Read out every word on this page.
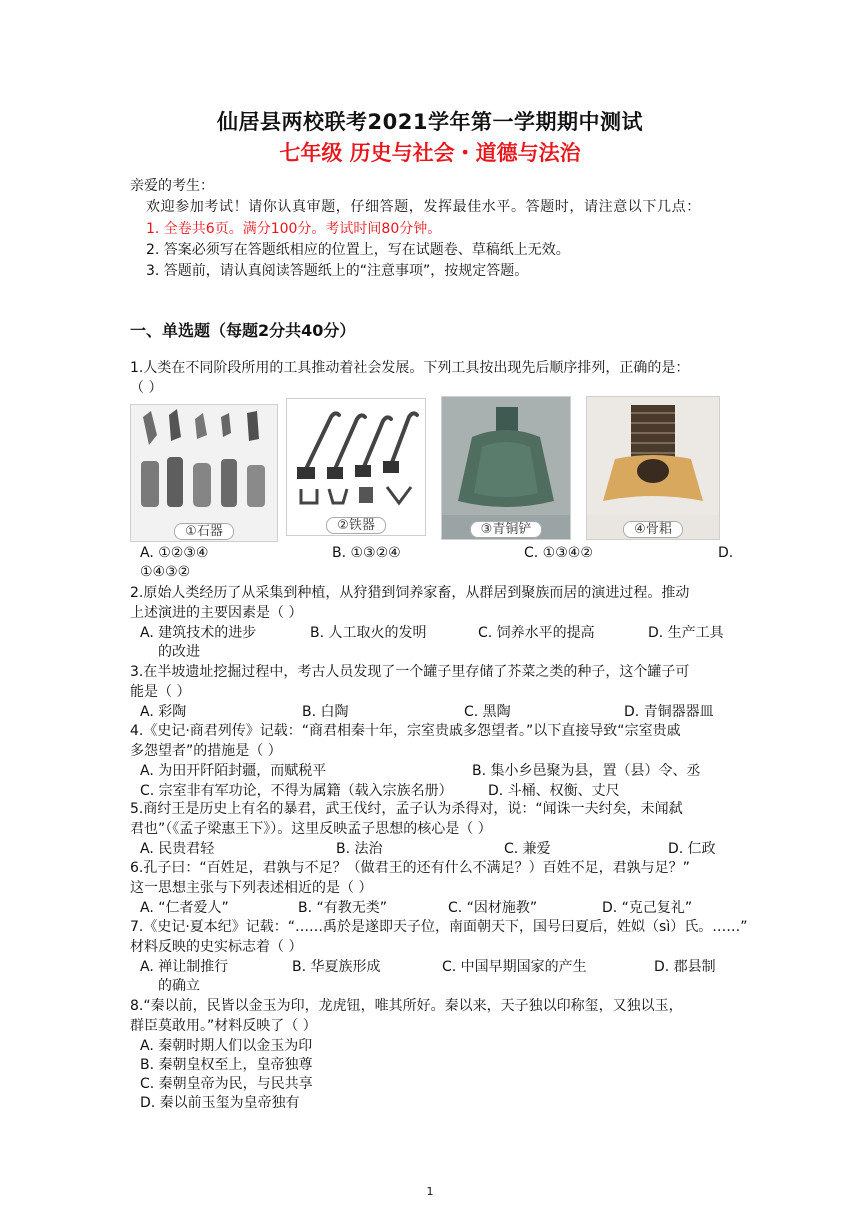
仙居县两校联考2021学年第一学期期中测试
七年级 历史与社会・道德与法治
亲爱的考生：
欢迎参加考试！请你认真审题，仔细答题，发挥最佳水平。答题时，请注意以下几点：
1. 全卷共6页。满分100分。考试时间80分钟。
2. 答案必须写在答题纸相应的位置上，写在试题卷、草稿纸上无效。
3. 答题前，请认真阅读答题纸上的“注意事项”，按规定答题。
一、单选题（每题2分共40分）
1.人类在不同阶段所用的工具推动着社会发展。下列工具按出现先后顺序排列，正确的是：
（ ）
①石器	②铁器	③青铜铲	④骨耜
A. ①②③④	B. ①③②④	C. ①③④②	D.
①④③②
2.原始人类经历了从采集到种植，从狩猎到饲养家畜，从群居到聚族而居的演进过程。推动
上述演进的主要因素是（ ）
A. 建筑技术的进步	B. 人工取火的发明	C. 饲养水平的提高	D. 生产工具
的改进
3.在半坡遗址挖掘过程中，考古人员发现了一个罐子里存储了芥菜之类的种子，这个罐子可
能是（ ）
A. 彩陶	B. 白陶	C. 黑陶	D. 青铜器器皿
4.《史记·商君列传》记载：“商君相秦十年，宗室贵戚多怨望者。”以下直接导致“宗室贵戚
多怨望者”的措施是（ ）
A. 为田开阡陌封疆，而赋税平	B. 集小乡邑聚为县，置（县）令、丞
C. 宗室非有军功论，不得为属籍（载入宗族名册）	D. 斗桶、权衡、丈尺
5.商纣王是历史上有名的暴君，武王伐纣，孟子认为杀得对，说：“闻诛一夫纣矣，未闻弑
君也”（《孟子梁惠王下》）。这里反映孟子思想的核心是（ ）
A. 民贵君轻	B. 法治	C. 兼爱	D. 仁政
6.孔子曰：“百姓足，君孰与不足？（做君王的还有什么不满足？）百姓不足，君孰与足？”
这一思想主张与下列表述相近的是（ ）
A. “仁者爱人”	B. “有教无类”	C. “因材施教”	D. “克己复礼”
7.《史记·夏本纪》记载：“……禹於是遂即天子位，南面朝天下，国号曰夏后，姓姒（sì）氏。……”
材料反映的史实标志着（ ）
A. 禅让制推行	B. 华夏族形成	C. 中国早期国家的产生	D. 郡县制
的确立
8.“秦以前，民皆以金玉为印，龙虎钮，唯其所好。秦以来，天子独以印称玺，又独以玉，
群臣莫敢用。”材料反映了（ ）
A. 秦朝时期人们以金玉为印
B. 秦朝皇权至上，皇帝独尊
C. 秦朝皇帝为民，与民共享
D. 秦以前玉玺为皇帝独有
1
